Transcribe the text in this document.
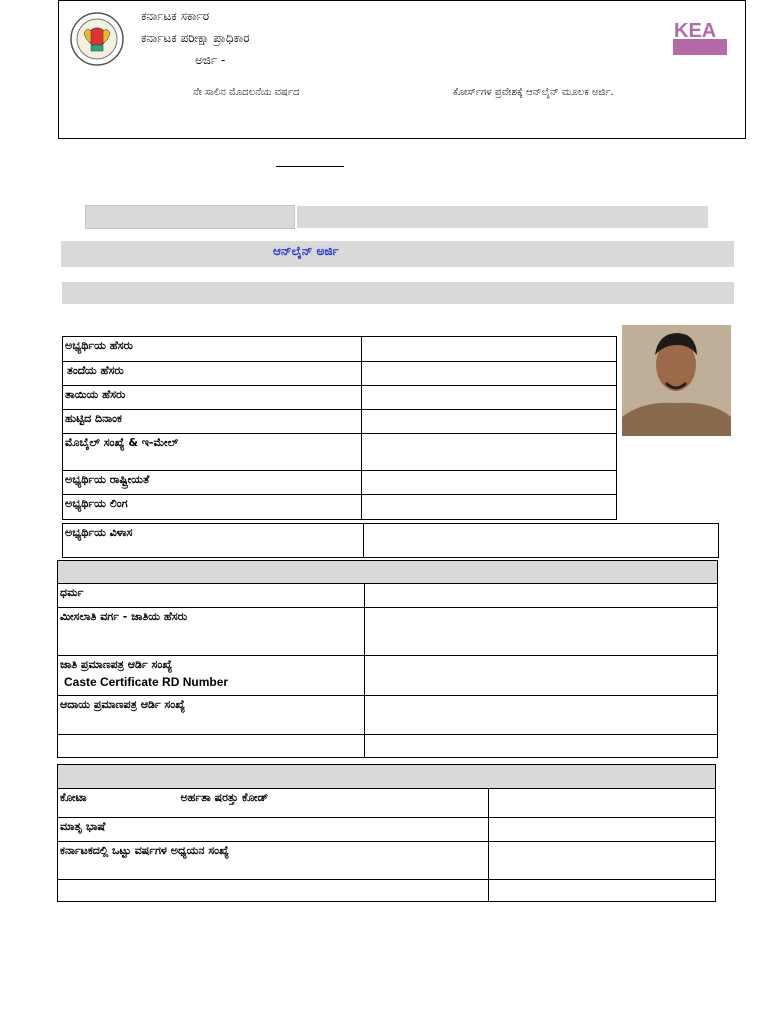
ಕರ್ನಾಟಕ ಸರ್ಕಾರ
ಕರ್ನಾಟಕ ಪರೀಕ್ಷಾ ಪ್ರಾಧಿಕಾರ
ಅರ್ಜಿ -
ನೇ ಸಾಲಿನ ಮೊದಲನೆಯ ವರ್ಷದ	ಕೋರ್ಸ್‌ಗಳ ಪ್ರವೇಶಕ್ಕೆ ಆನ್‌ಲೈನ್ ಮೂಲಕ ಅರ್ಜಿ.
KEA
ಆನ್‌ಲೈನ್ ಅರ್ಜಿ
ಅಭ್ಯರ್ಥಿಯ ಹೆಸರು	
ತಂದೆಯ ಹೆಸರು	
ತಾಯಿಯ ಹೆಸರು	
ಹುಟ್ಟಿದ ದಿನಾಂಕ	
ಮೊಬೈಲ್ ಸಂಖ್ಯೆ & ಇ-ಮೇಲ್	
ಅಭ್ಯರ್ಥಿಯ ರಾಷ್ಟ್ರೀಯತೆ	
ಅಭ್ಯರ್ಥಿಯ ಲಿಂಗ	
ಅಭ್ಯರ್ಥಿಯ ವಿಳಾಸ	

ಧರ್ಮ	
ಮೀಸಲಾತಿ ವರ್ಗ - ಜಾತಿಯ ಹೆಸರು	

ಜಾತಿ ಪ್ರಮಾಣಪತ್ರ ಆರ್ಡಿ ಸಂಖ್ಯೆ
Caste Certificate RD Number	

ಆದಾಯ ಪ್ರಮಾಣಪತ್ರ ಆರ್ಡಿ ಸಂಖ್ಯೆ	

ಕೋಟಾ ಅರ್ಹತಾ ಷರತ್ತು ಕೋಡ್	
ಮಾತೃ ಭಾಷೆ	
ಕರ್ನಾಟಕದಲ್ಲಿ ಒಟ್ಟು ವರ್ಷಗಳ ಅಧ್ಯಯನ ಸಂಖ್ಯೆ	
